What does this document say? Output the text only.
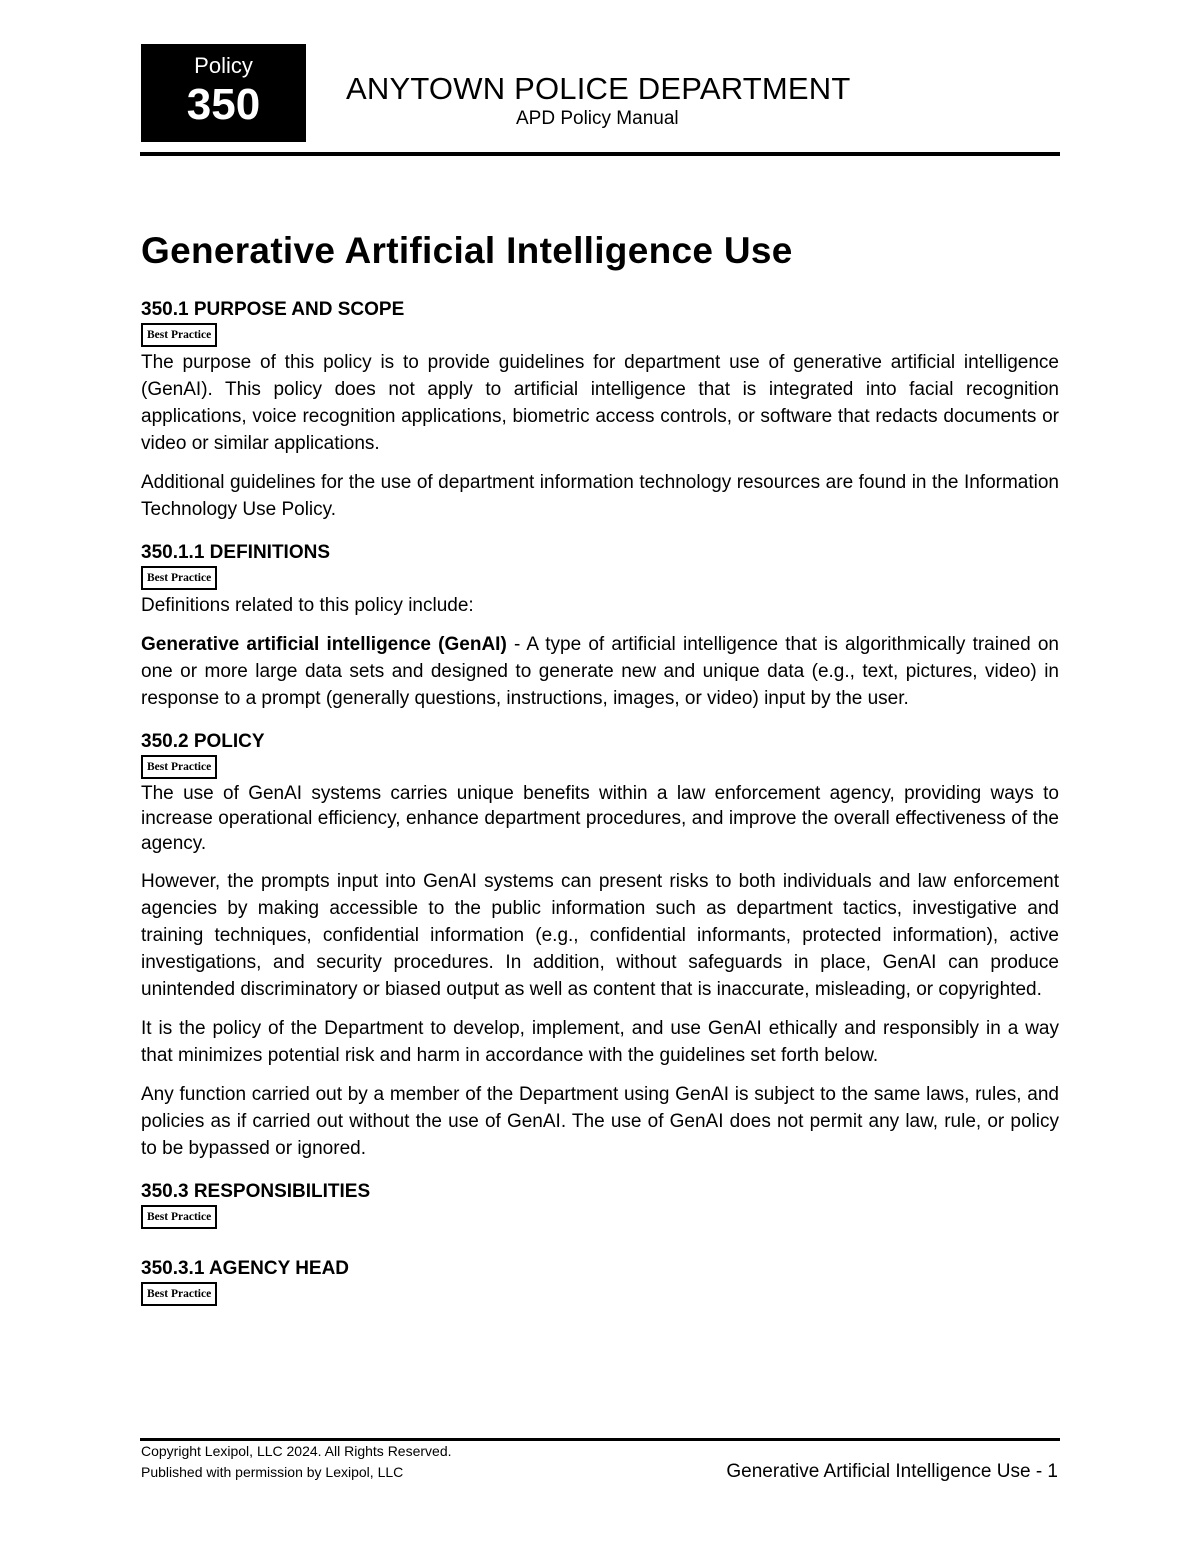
Policy
350	ANYTOWN POLICE DEPARTMENT
APD Policy Manual
Generative Artificial Intelligence Use
350.1 PURPOSE AND SCOPE
Best Practice

The purpose of this policy is to provide guidelines for department use of generative artificial intelligence (GenAI). This policy does not apply to artificial intelligence that is integrated into facial recognition applications, voice recognition applications, biometric access controls, or software that redacts documents or video or similar applications.

Additional guidelines for the use of department information technology resources are found in the Information Technology Use Policy.

350.1.1 DEFINITIONS
Best Practice

Definitions related to this policy include:

Generative artificial intelligence (GenAI) - A type of artificial intelligence that is algorithmically trained on one or more large data sets and designed to generate new and unique data (e.g., text, pictures, video) in response to a prompt (generally questions, instructions, images, or video) input by the user.

350.2 POLICY
Best Practice

The use of GenAI systems carries unique benefits within a law enforcement agency, providing ways to increase operational efficiency, enhance department procedures, and improve the overall effectiveness of the agency.

However, the prompts input into GenAI systems can present risks to both individuals and law enforcement agencies by making accessible to the public information such as department tactics, investigative and training techniques, confidential information (e.g., confidential informants, protected information), active investigations, and security procedures. In addition, without safeguards in place, GenAI can produce unintended discriminatory or biased output as well as content that is inaccurate, misleading, or copyrighted.

It is the policy of the Department to develop, implement, and use GenAI ethically and responsibly in a way that minimizes potential risk and harm in accordance with the guidelines set forth below.

Any function carried out by a member of the Department using GenAI is subject to the same laws, rules, and policies as if carried out without the use of GenAI. The use of GenAI does not permit any law, rule, or policy to be bypassed or ignored.

350.3 RESPONSIBILITIES
Best Practice
350.3.1 AGENCY HEAD
Best Practice
Copyright Lexipol, LLC 2024. All Rights Reserved.
Published with permission by Lexipol, LLC	Generative Artificial Intelligence Use - 1
